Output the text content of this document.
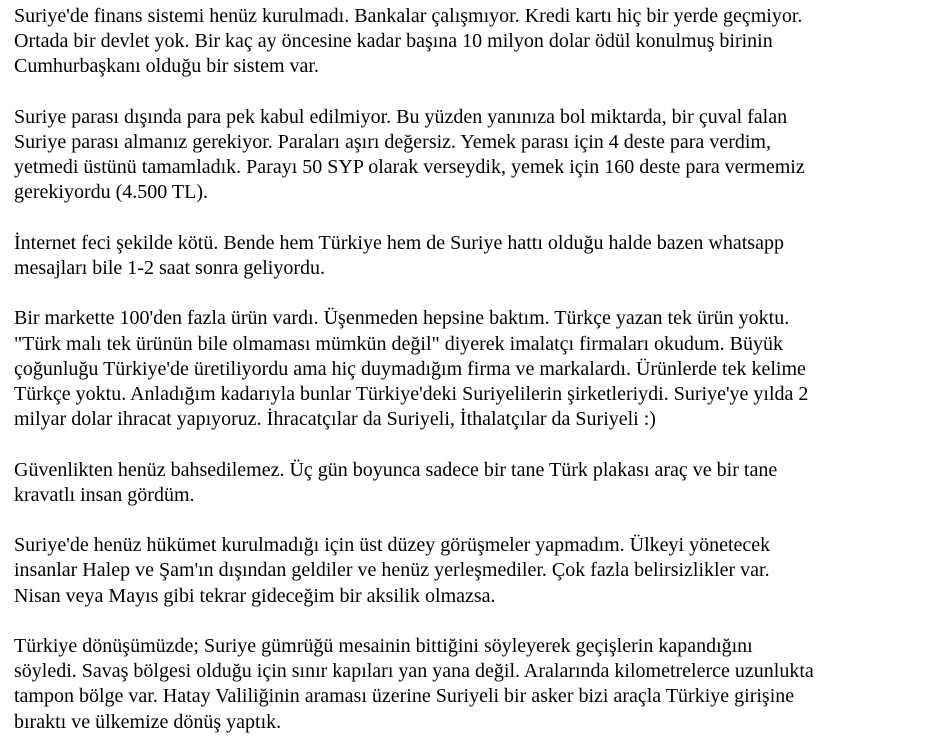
Suriye'de finans sistemi henüz kurulmadı. Bankalar çalışmıyor. Kredi kartı hiç bir yerde geçmiyor.
Ortada bir devlet yok. Bir kaç ay öncesine kadar başına 10 milyon dolar ödül konulmuş birinin
Cumhurbaşkanı olduğu bir sistem var.

Suriye parası dışında para pek kabul edilmiyor. Bu yüzden yanınıza bol miktarda, bir çuval falan
Suriye parası almanız gerekiyor. Paraları aşırı değersiz. Yemek parası için 4 deste para verdim,
yetmedi üstünü tamamladık. Parayı 50 SYP olarak verseydik, yemek için 160 deste para vermemiz
gerekiyordu (4.500 TL).

İnternet feci şekilde kötü. Bende hem Türkiye hem de Suriye hattı olduğu halde bazen whatsapp
mesajları bile 1-2 saat sonra geliyordu.

Bir markette 100'den fazla ürün vardı. Üşenmeden hepsine baktım. Türkçe yazan tek ürün yoktu.
"Türk malı tek ürünün bile olmaması mümkün değil" diyerek imalatçı firmaları okudum. Büyük
çoğunluğu Türkiye'de üretiliyordu ama hiç duymadığım firma ve markalardı. Ürünlerde tek kelime
Türkçe yoktu. Anladığım kadarıyla bunlar Türkiye'deki Suriyelilerin şirketleriydi. Suriye'ye yılda 2
milyar dolar ihracat yapıyoruz. İhracatçılar da Suriyeli, İthalatçılar da Suriyeli :)

Güvenlikten henüz bahsedilemez. Üç gün boyunca sadece bir tane Türk plakası araç ve bir tane
kravatlı insan gördüm.

Suriye'de henüz hükümet kurulmadığı için üst düzey görüşmeler yapmadım. Ülkeyi yönetecek
insanlar Halep ve Şam'ın dışından geldiler ve henüz yerleşmediler. Çok fazla belirsizlikler var.
Nisan veya Mayıs gibi tekrar gideceğim bir aksilik olmazsa.

Türkiye dönüşümüzde; Suriye gümrüğü mesainin bittiğini söyleyerek geçişlerin kapandığını
söyledi. Savaş bölgesi olduğu için sınır kapıları yan yana değil. Aralarında kilometrelerce uzunlukta
tampon bölge var. Hatay Valiliğinin araması üzerine Suriyeli bir asker bizi araçla Türkiye girişine
bıraktı ve ülkemize dönüş yaptık.
